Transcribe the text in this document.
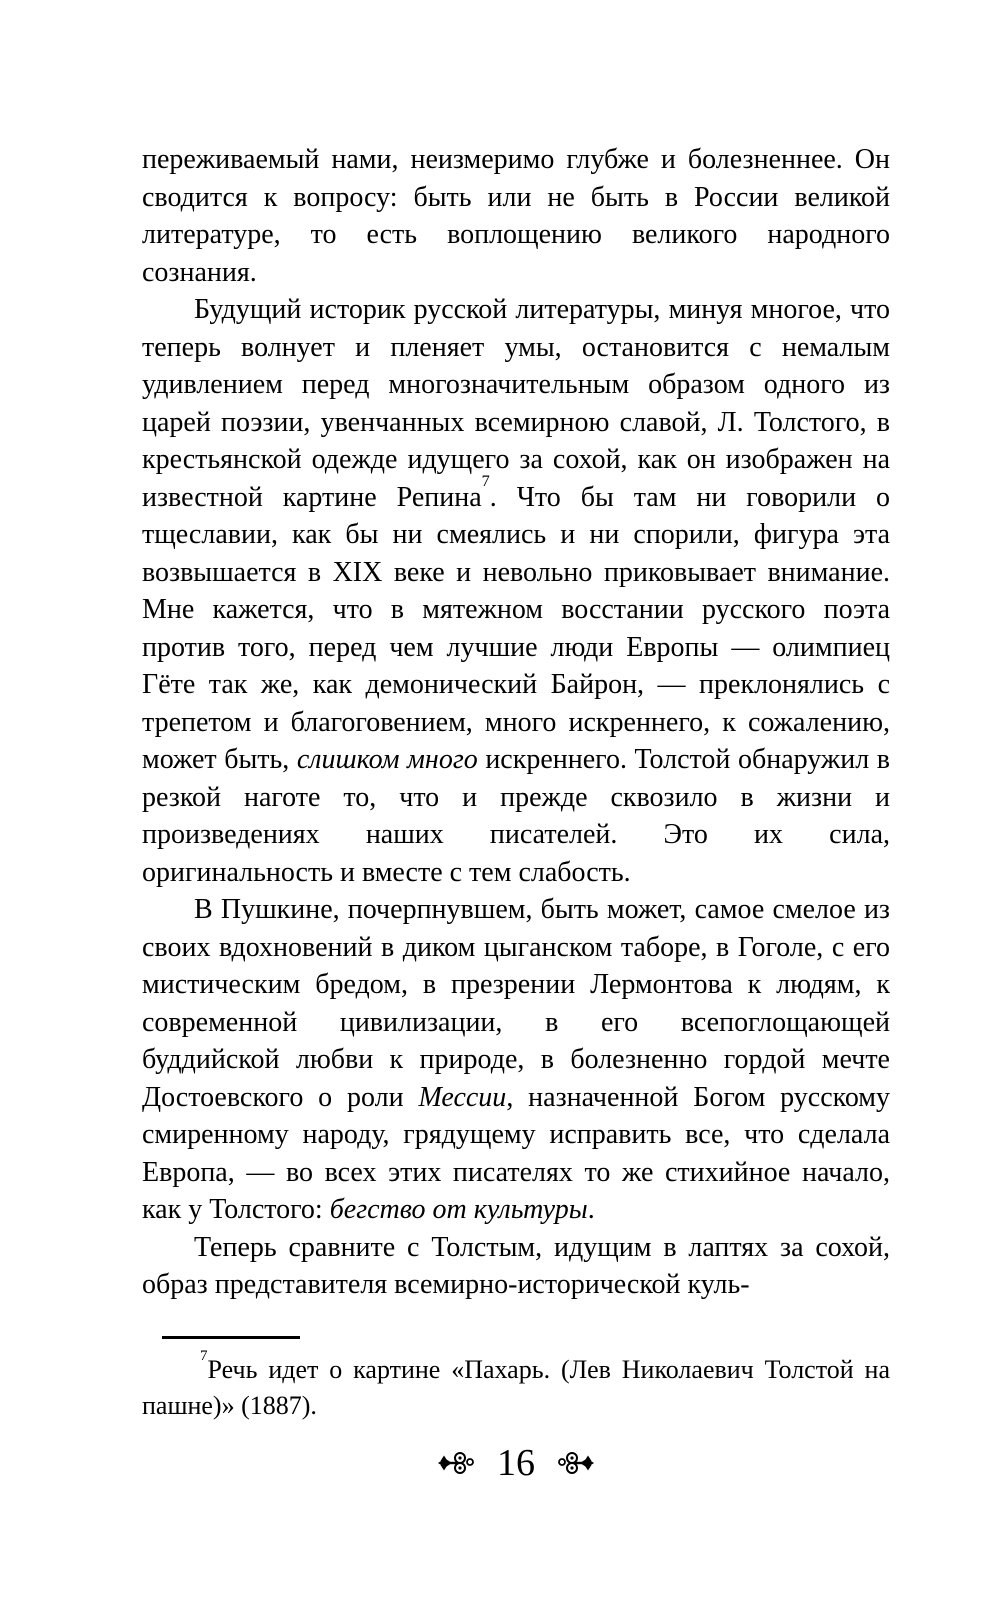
переживаемый нами, неизмеримо глубже и болезненнее. Он сводится к вопросу: быть или не быть в России великой литературе, то есть воплощению великого народного сознания.

Будущий историк русской литературы, минуя многое, что теперь волнует и пленяет умы, остановится с немалым удивлением перед многозначительным образом одного из царей поэзии, увенчанных всемирною славой, Л. Толстого, в крестьянской одежде идущего за сохой, как он изображен на известной картине Репина$^7$. Что бы там ни говорили о тщеславии, как бы ни смеялись и ни спорили, фигура эта возвышается в XIX веке и невольно приковывает внимание. Мне кажется, что в мятежном восстании русского поэта против того, перед чем лучшие люди Европы — олимпиец Гёте так же, как демонический Байрон, — преклонялись с трепетом и благоговением, много искреннего, к сожалению, может быть, слишком много искреннего. Толстой обнаружил в резкой наготе то, что и прежде сквозило в жизни и произведениях наших писателей. Это их сила, оригинальность и вместе с тем слабость.

В Пушкине, почерпнувшем, быть может, самое смелое из своих вдохновений в диком цыганском таборе, в Гоголе, с его мистическим бредом, в презрении Лермонтова к людям, к современной цивилизации, в его всепоглощающей буддийской любви к природе, в болезненно гордой мечте Достоевского о роли Мессии, назначенной Богом русскому смиренному народу, грядущему исправить все, что сделала Европа, — во всех этих писателях то же стихийное начало, как у Толстого: бегство от культуры.

Теперь сравните с Толстым, идущим в лаптях за сохой, образ представителя всемирно-исторической куль-

$^7$Речь идет о картине «Пахарь. (Лев Николаевич Толстой на пашне)» (1887).

16
